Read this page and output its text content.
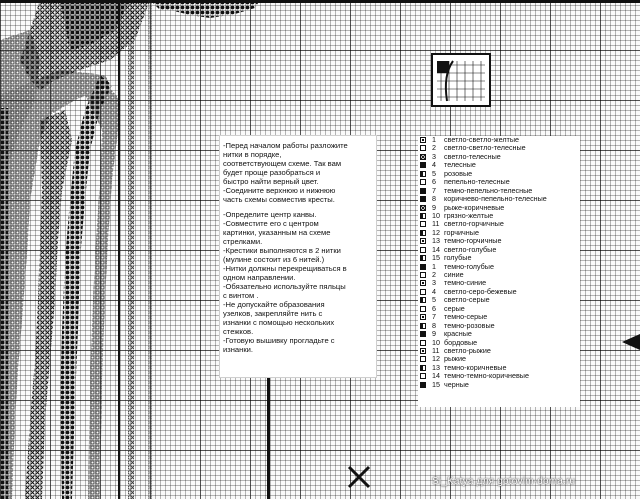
-Перед началом работы разложите
нитки в порядке,
соответствующем схеме. Так вам
будет проще разобраться и
быстро найти верный цвет.
-Соедините верхнюю и нижнюю
часть схемы совместив кресты.
-Определите центр канвы.
-Совместите его с центром
картинки, указанным на схеме
стрелками.
-Крестики выполняются в 2 нитки
(мулине состоит из 6 нитей.)
-Нитки должны перекрещиваться в
одном направлении.
-Обязательно используйте пяльцы
с винтом .
-Не допускайте образования
узелков, закрепляйте нить с
изнанки с помощью нескольких
стежков.
-Готовую вышивку прогладьте с
изнанки.
1 светло-светло-желтые
2 светло-светло-телесные
3 светло-телесные
4 телесные
5 розовые
6 пепельно-телесные
7 темно-пепельно-телесные
8 коричнево-пепельно-телесные
9 рыже-коричневые
10 грязно-желтые
11 светло-горчичные
12 горчичные
13 темно-горчичные
14 светло-голубые
15 голубые
1 темно-голубые
2 синие
3 темно-синие
4 светло-серо-бежевые
5 светло-серые
6 серые
7 темно-серые
8 темно-розовые
9 красные
10 бордовые
11 светло-рыжие
12 рыжие
13 темно-коричневые
14 темно-темно-коричневые
15 черные
Si_Katya для gotovim-doma.ru
